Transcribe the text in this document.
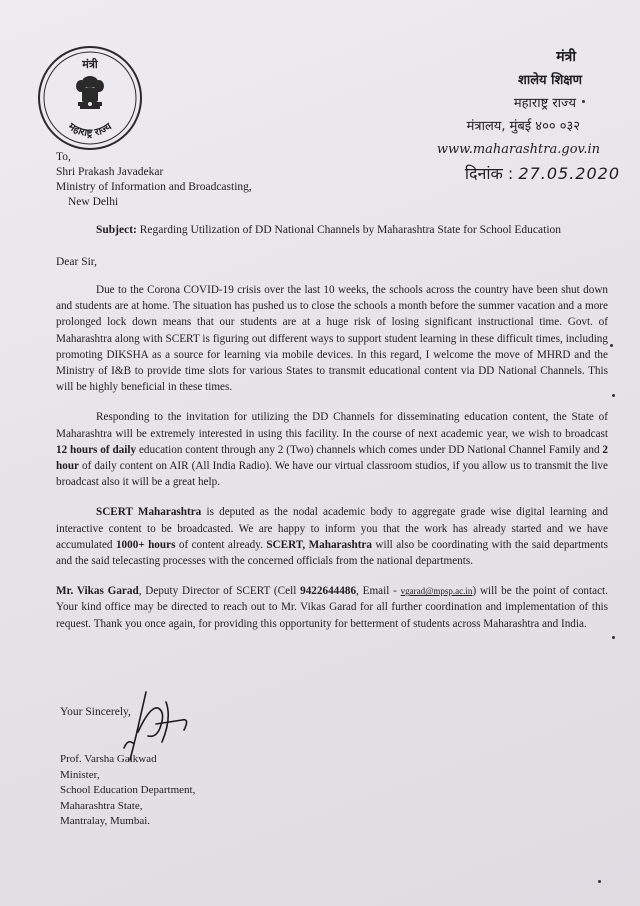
मंत्री
महाराष्ट्र राज्य
मंत्री
शालेय शिक्षण
महाराष्ट्र राज्य
मंत्रालय, मुंबई ४०० ०३२
www.maharashtra.gov.in
दिनांक : 27.05.2020
To,
Shri Prakash Javadekar
Ministry of Information and Broadcasting,
New Delhi
Subject: Regarding Utilization of DD National Channels by Maharashtra State for School Education
Dear Sir,

Due to the Corona COVID-19 crisis over the last 10 weeks, the schools across the country have been shut down and students are at home. The situation has pushed us to close the schools a month before the summer vacation and a more prolonged lock down means that our students are at a huge risk of losing significant instructional time. Govt. of Maharashtra along with SCERT is figuring out different ways to support student learning in these difficult times, including promoting DIKSHA as a source for learning via mobile devices. In this regard, I welcome the move of MHRD and the Ministry of I&B to provide time slots for various States to transmit educational content via DD National Channels. This will be highly beneficial in these times.

Responding to the invitation for utilizing the DD Channels for disseminating education content, the State of Maharashtra will be extremely interested in using this facility. In the course of next academic year, we wish to broadcast 12 hours of daily education content through any 2 (Two) channels which comes under DD National Channel Family and 2 hour of daily content on AIR (All India Radio). We have our virtual classroom studios, if you allow us to transmit the live broadcast also it will be a great help.

SCERT Maharashtra is deputed as the nodal academic body to aggregate grade wise digital learning and interactive content to be broadcasted. We are happy to inform you that the work has already started and we have accumulated 1000+ hours of content already. SCERT, Maharashtra will also be coordinating with the said departments and the said telecasting processes with the concerned officials from the national departments.

Mr. Vikas Garad, Deputy Director of SCERT (Cell 9422644486, Email - vgarad@mpsp.ac.in) will be the point of contact. Your kind office may be directed to reach out to Mr. Vikas Garad for all further coordination and implementation of this request. Thank you once again, for providing this opportunity for betterment of students across Maharashtra and India.

Your Sincerely,
Prof. Varsha Gaikwad
Minister,
School Education Department,
Maharashtra State,
Mantralay, Mumbai.
